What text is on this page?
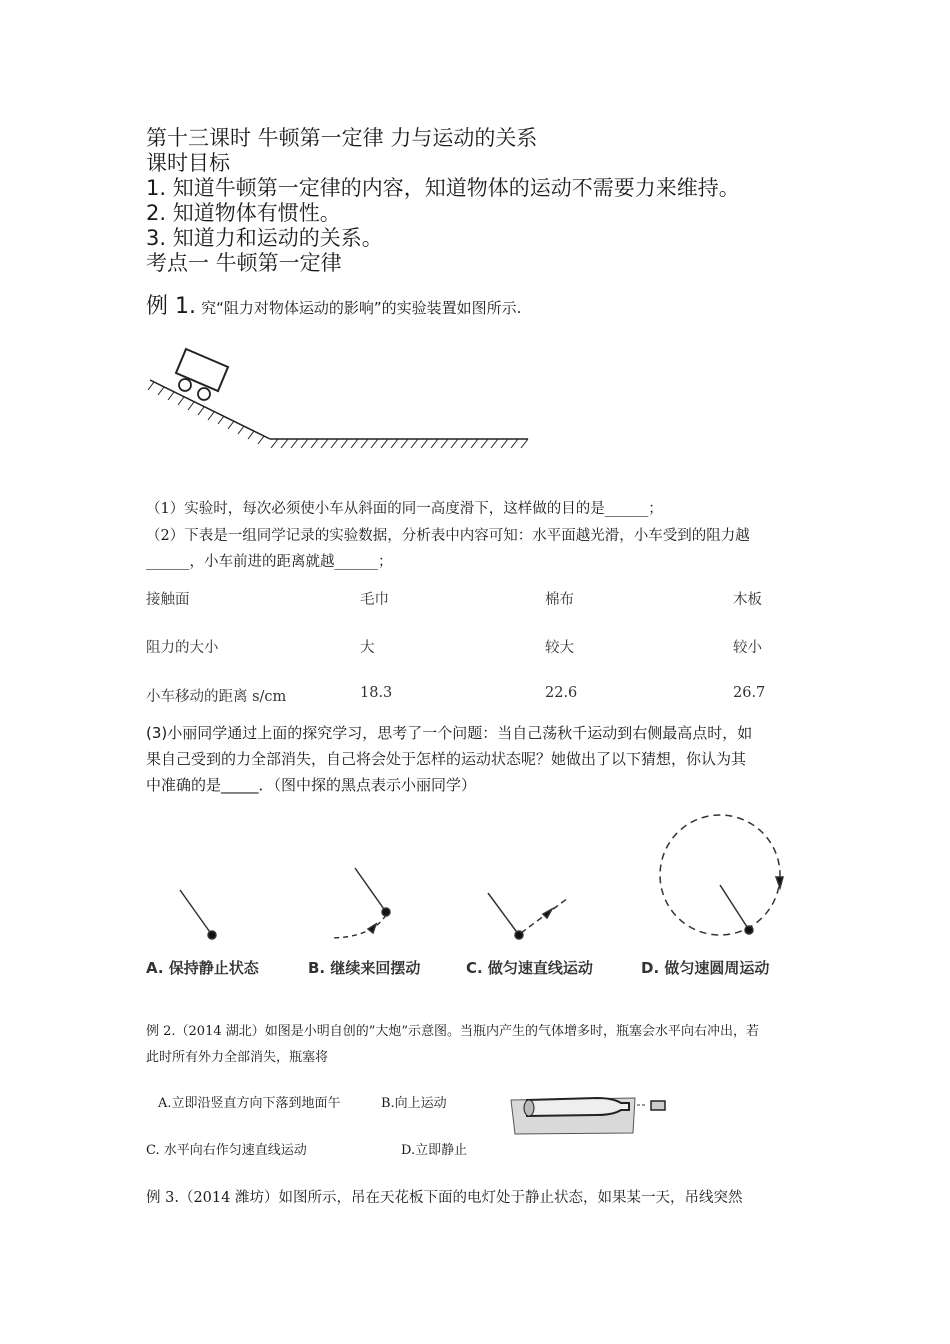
第十三课时 牛顿第一定律 力与运动的关系
课时目标
1. 知道牛顿第一定律的内容，知道物体的运动不需要力来维持。
2. 知道物体有惯性。
3. 知道力和运动的关系。
考点一 牛顿第一定律
例 1. 究“阻力对物体运动的影响”的实验装置如图所示.
（1）实验时，每次必须使小车从斜面的同一高度滑下，这样做的目的是______；
（2）下表是一组同学记录的实验数据，分析表中内容可知：水平面越光滑，小车受到的阻力越
______，小车前进的距离就越______；
接触面	毛巾	棉布	木板
阻力的大小	大	较大	较小
小车移动的距离 s/cm	18.3	22.6	26.7
(3)小丽同学通过上面的探究学习，思考了一个问题：当自己荡秋千运动到右侧最高点时，如
果自己受到的力全部消失，自己将会处于怎样的运动状态呢？她做出了以下猜想，你认为其
中准确的是_____．（图中探的黑点表示小丽同学）
A. 保持静止状态	B. 继续来回摆动	C. 做匀速直线运动	D. 做匀速圆周运动
例 2.（2014 湖北）如图是小明自创的”大炮”示意图。当瓶内产生的气体增多时，瓶塞会水平向右冲出，若
此时所有外力全部消失，瓶塞将
A.立即沿竖直方向下落到地面午	B.向上运动
C. 水平向右作匀速直线运动	D.立即静止
例 3.（2014 潍坊）如图所示，吊在天花板下面的电灯处于静止状态，如果某一天，吊线突然
